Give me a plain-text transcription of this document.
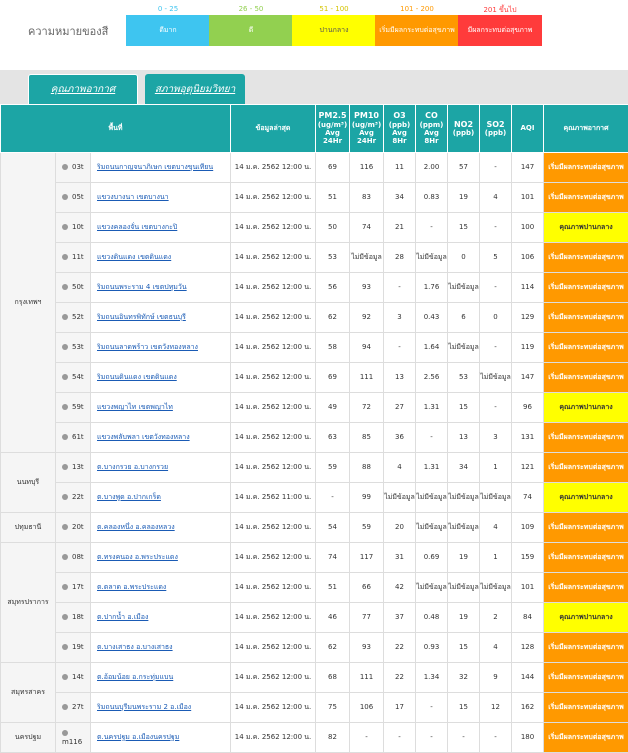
ความหมายของสี
0 - 25	26 - 50	51 - 100	101 - 200	201 ขึ้นไป
ดีมาก	ดี	ปานกลาง	เริ่มมีผลกระทบต่อสุขภาพ	มีผลกระทบต่อสุขภาพ
คุณภาพอากาศ	สภาพอุตุนิยมวิทยา
พื้นที่			ข้อมูลล่าสุด	PM2.5
(ug/m³)
Avg 24Hr	PM10
(ug/m³)
Avg 24Hr	O3
(ppb)
Avg 8Hr	CO
(ppm)
Avg 8Hr	NO2
(ppb)	SO2
(ppb)	AQI	คุณภาพอากาศ
กรุงเทพฯ	03t	ริมถนนกาญจนาภิเษก เขตบางขุนเทียน	14 ม.ค. 2562 12:00 น.	69	116	11	2.00	57	-	147	เริ่มมีผลกระทบต่อสุขภาพ
	05t	แขวงบางนา เขตบางนา	14 ม.ค. 2562 12:00 น.	51	83	34	0.83	19	4	101	เริ่มมีผลกระทบต่อสุขภาพ
	10t	แขวงคลองจั่น เขตบางกะปิ	14 ม.ค. 2562 12:00 น.	50	74	21	-	15	-	100	คุณภาพปานกลาง
	11t	แขวงดินแดง เขตดินแดง	14 ม.ค. 2562 12:00 น.	53	ไม่มีข้อมูล	28	ไม่มีข้อมูล	0	5	106	เริ่มมีผลกระทบต่อสุขภาพ
	50t	ริมถนนพระราม 4 เขตปทุมวัน	14 ม.ค. 2562 12:00 น.	56	93	-	1.76	ไม่มีข้อมูล	-	114	เริ่มมีผลกระทบต่อสุขภาพ
	52t	ริมถนนอินทรพิทักษ์ เขตธนบุรี	14 ม.ค. 2562 12:00 น.	62	92	3	0.43	6	0	129	เริ่มมีผลกระทบต่อสุขภาพ
	53t	ริมถนนลาดพร้าว เขตวังทองหลาง	14 ม.ค. 2562 12:00 น.	58	94	-	1.64	ไม่มีข้อมูล	-	119	เริ่มมีผลกระทบต่อสุขภาพ
	54t	ริมถนนดินแดง เขตดินแดง	14 ม.ค. 2562 12:00 น.	69	111	13	2.56	53	ไม่มีข้อมูล	147	เริ่มมีผลกระทบต่อสุขภาพ
	59t	แขวงพญาไท เขตพญาไท	14 ม.ค. 2562 12:00 น.	49	72	27	1.31	15	-	96	คุณภาพปานกลาง
	61t	แขวงพลับพลา เขตวังทองหลาง	14 ม.ค. 2562 12:00 น.	63	85	36	-	13	3	131	เริ่มมีผลกระทบต่อสุขภาพ
นนทบุรี	13t	ต.บางกรวย อ.บางกรวย	14 ม.ค. 2562 12:00 น.	59	88	4	1.31	34	1	121	เริ่มมีผลกระทบต่อสุขภาพ
	22t	ต.บางพูด อ.ปากเกร็ด	14 ม.ค. 2562 11:00 น.	-	99	ไม่มีข้อมูล	ไม่มีข้อมูล	ไม่มีข้อมูล	ไม่มีข้อมูล	74	คุณภาพปานกลาง
ปทุมธานี	20t	ต.คลองหนึ่ง อ.คลองหลวง	14 ม.ค. 2562 12:00 น.	54	59	20	ไม่มีข้อมูล	ไม่มีข้อมูล	4	109	เริ่มมีผลกระทบต่อสุขภาพ
สมุทรปราการ	08t	ต.ทรงคนอง อ.พระประแดง	14 ม.ค. 2562 12:00 น.	74	117	31	0.69	19	1	159	เริ่มมีผลกระทบต่อสุขภาพ
	17t	ต.ตลาด อ.พระประแดง	14 ม.ค. 2562 12:00 น.	51	66	42	ไม่มีข้อมูล	ไม่มีข้อมูล	ไม่มีข้อมูล	101	เริ่มมีผลกระทบต่อสุขภาพ
	18t	ต.ปากน้ำ อ.เมือง	14 ม.ค. 2562 12:00 น.	46	77	37	0.48	19	2	84	คุณภาพปานกลาง
	19t	ต.บางเสาธง อ.บางเสาธง	14 ม.ค. 2562 12:00 น.	62	93	22	0.93	15	4	128	เริ่มมีผลกระทบต่อสุขภาพ
สมุทรสาคร	14t	ต.อ้อมน้อย อ.กระทุ่มแบน	14 ม.ค. 2562 12:00 น.	68	111	22	1.34	32	9	144	เริ่มมีผลกระทบต่อสุขภาพ
	27t	ริมถนนบุรีมนพระราม 2 อ.เมือง	14 ม.ค. 2562 12:00 น.	75	106	17	-	15	12	162	เริ่มมีผลกระทบต่อสุขภาพ
นครปฐม	m116	ต.นครปฐม อ.เมืองนครปฐม	14 ม.ค. 2562 12:00 น.	82	-	-	-	-	-	180	เริ่มมีผลกระทบต่อสุขภาพ
